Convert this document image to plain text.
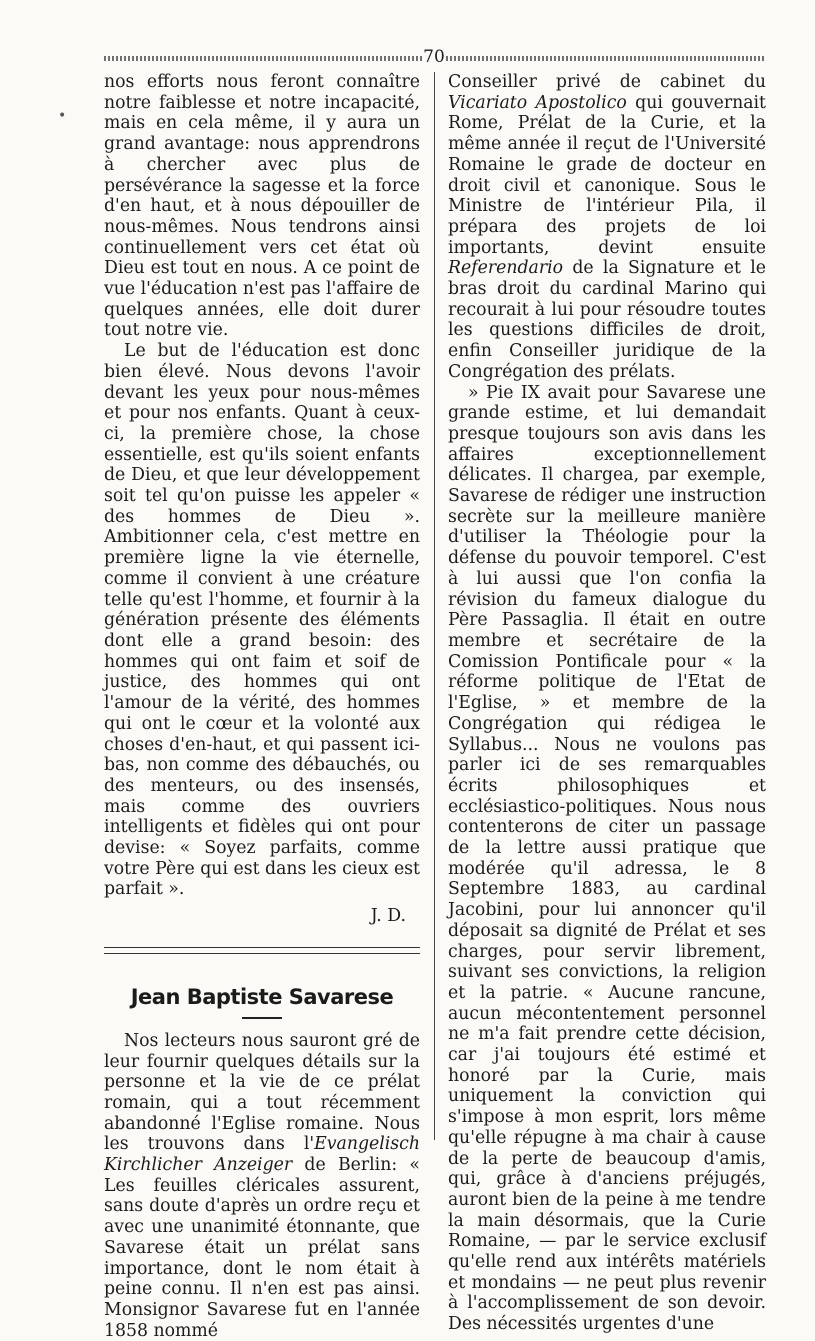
70
•

nos efforts nous feront connaître notre faiblesse et notre incapacité, mais en cela même, il y aura un grand avantage: nous apprendrons à chercher avec plus de persévérance la sagesse et la force d'en haut, et à nous dépouiller de nous-mêmes. Nous tendrons ainsi continuellement vers cet état où Dieu est tout en nous. A ce point de vue l'éducation n'est pas l'affaire de quelques années, elle doit durer tout notre vie.

Le but de l'éducation est donc bien élevé. Nous devons l'avoir devant les yeux pour nous-mêmes et pour nos enfants. Quant à ceux-ci, la première chose, la chose essentielle, est qu'ils soient enfants de Dieu, et que leur développement soit tel qu'on puisse les appeler « des hommes de Dieu ». Ambitionner cela, c'est mettre en première ligne la vie éternelle, comme il convient à une créature telle qu'est l'homme, et fournir à la génération présente des éléments dont elle a grand besoin: des hommes qui ont faim et soif de justice, des hommes qui ont l'amour de la vérité, des hommes qui ont le cœur et la volonté aux choses d'en-haut, et qui passent ici-bas, non comme des débauchés, ou des menteurs, ou des insensés, mais comme des ouvriers intelligents et fidèles qui ont pour devise: « Soyez parfaits, comme votre Père qui est dans les cieux est parfait ».

J. D.

Jean Baptiste Savarese

Nos lecteurs nous sauront gré de leur fournir quelques détails sur la personne et la vie de ce prélat romain, qui a tout récemment abandonné l'Eglise romaine. Nous les trouvons dans l'Evangelisch Kirchlicher Anzeiger de Berlin: « Les feuilles cléricales assurent, sans doute d'après un ordre reçu et avec une unanimité étonnante, que Savarese était un prélat sans importance, dont le nom était à peine connu. Il n'en est pas ainsi. Monsignor Savarese fut en l'année 1858 nommé

Conseiller privé de cabinet du Vicariato Apostolico qui gouvernait Rome, Prélat de la Curie, et la même année il reçut de l'Université Romaine le grade de docteur en droit civil et canonique. Sous le Ministre de l'intérieur Pila, il prépara des projets de loi importants, devint ensuite Referendario de la Signature et le bras droit du cardinal Marino qui recourait à lui pour résoudre toutes les questions difficiles de droit, enfin Conseiller juridique de la Congrégation des prélats.

» Pie IX avait pour Savarese une grande estime, et lui demandait presque toujours son avis dans les affaires exceptionnellement délicates. Il chargea, par exemple, Savarese de rédiger une instruction secrète sur la meilleure manière d'utiliser la Théologie pour la défense du pouvoir temporel. C'est à lui aussi que l'on confia la révision du fameux dialogue du Père Passaglia. Il était en outre membre et secrétaire de la Comission Pontificale pour « la réforme politique de l'Etat de l'Eglise, » et membre de la Congrégation qui rédigea le Syllabus... Nous ne voulons pas parler ici de ses remarquables écrits philosophiques et ecclésiastico-politiques. Nous nous contenterons de citer un passage de la lettre aussi pratique que modérée qu'il adressa, le 8 Septembre 1883, au cardinal Jacobini, pour lui annoncer qu'il déposait sa dignité de Prélat et ses charges, pour servir librement, suivant ses convictions, la religion et la patrie. « Aucune rancune, aucun mécontentement personnel ne m'a fait prendre cette décision, car j'ai toujours été estimé et honoré par la Curie, mais uniquement la conviction qui s'impose à mon esprit, lors même qu'elle répugne à ma chair à cause de la perte de beaucoup d'amis, qui, grâce à d'anciens préjugés, auront bien de la peine à me tendre la main désormais, que la Curie Romaine, — par le service exclusif qu'elle rend aux intérêts matériels et mondains — ne peut plus revenir à l'accomplissement de son devoir. Des nécessités urgentes d'une
